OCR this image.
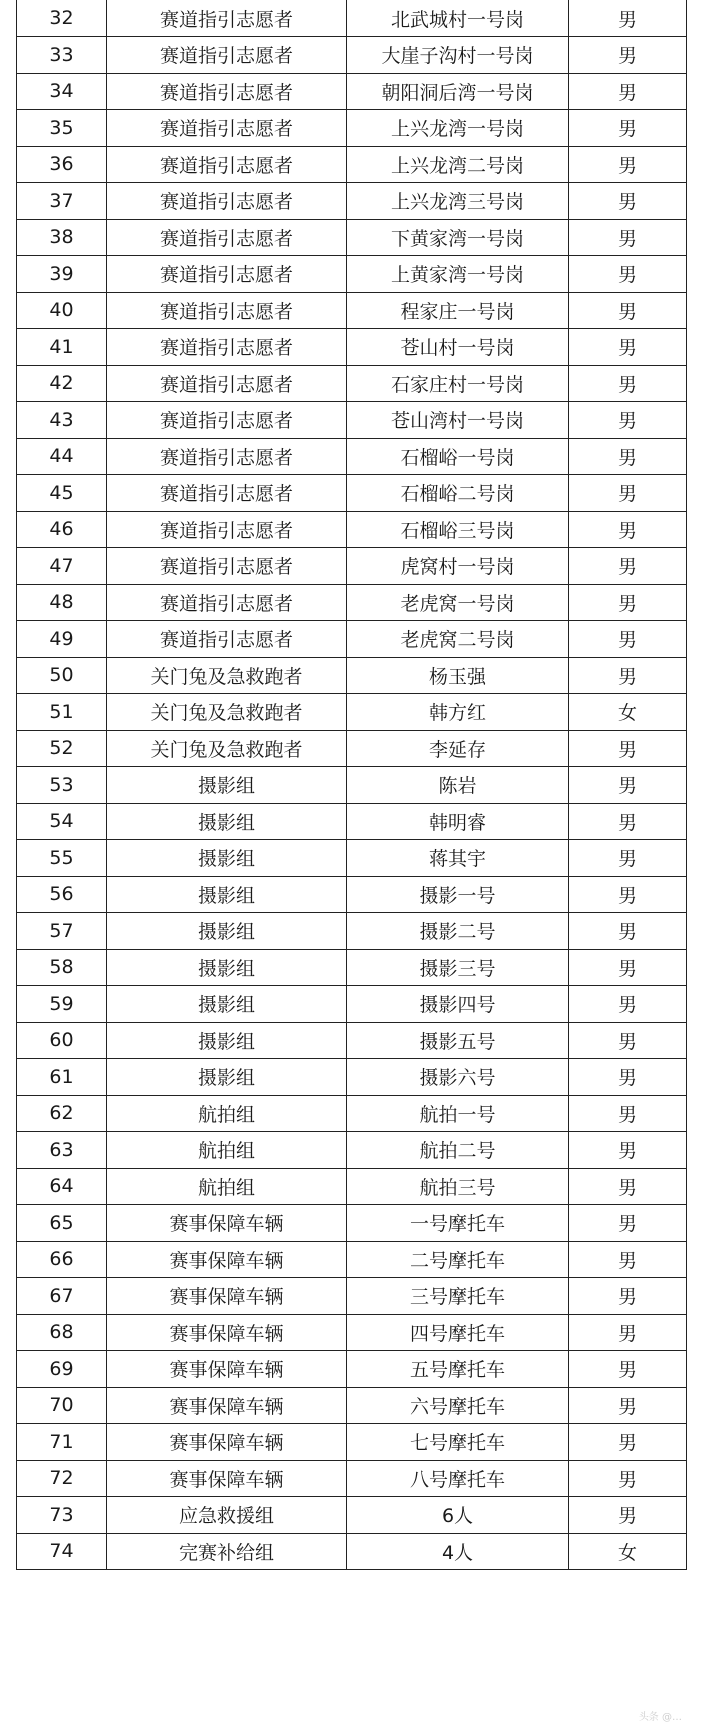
32	赛道指引志愿者	北武城村一号岗	男
33	赛道指引志愿者	大崖子沟村一号岗	男
34	赛道指引志愿者	朝阳洞后湾一号岗	男
35	赛道指引志愿者	上兴龙湾一号岗	男
36	赛道指引志愿者	上兴龙湾二号岗	男
37	赛道指引志愿者	上兴龙湾三号岗	男
38	赛道指引志愿者	下黄家湾一号岗	男
39	赛道指引志愿者	上黄家湾一号岗	男
40	赛道指引志愿者	程家庄一号岗	男
41	赛道指引志愿者	苍山村一号岗	男
42	赛道指引志愿者	石家庄村一号岗	男
43	赛道指引志愿者	苍山湾村一号岗	男
44	赛道指引志愿者	石榴峪一号岗	男
45	赛道指引志愿者	石榴峪二号岗	男
46	赛道指引志愿者	石榴峪三号岗	男
47	赛道指引志愿者	虎窝村一号岗	男
48	赛道指引志愿者	老虎窝一号岗	男
49	赛道指引志愿者	老虎窝二号岗	男
50	关门兔及急救跑者	杨玉强	男
51	关门兔及急救跑者	韩方红	女
52	关门兔及急救跑者	李延存	男
53	摄影组	陈岩	男
54	摄影组	韩明睿	男
55	摄影组	蒋其宇	男
56	摄影组	摄影一号	男
57	摄影组	摄影二号	男
58	摄影组	摄影三号	男
59	摄影组	摄影四号	男
60	摄影组	摄影五号	男
61	摄影组	摄影六号	男
62	航拍组	航拍一号	男
63	航拍组	航拍二号	男
64	航拍组	航拍三号	男
65	赛事保障车辆	一号摩托车	男
66	赛事保障车辆	二号摩托车	男
67	赛事保障车辆	三号摩托车	男
68	赛事保障车辆	四号摩托车	男
69	赛事保障车辆	五号摩托车	男
70	赛事保障车辆	六号摩托车	男
71	赛事保障车辆	七号摩托车	男
72	赛事保障车辆	八号摩托车	男
73	应急救援组	6人	男
74	完赛补给组	4人	女
头条 @…
